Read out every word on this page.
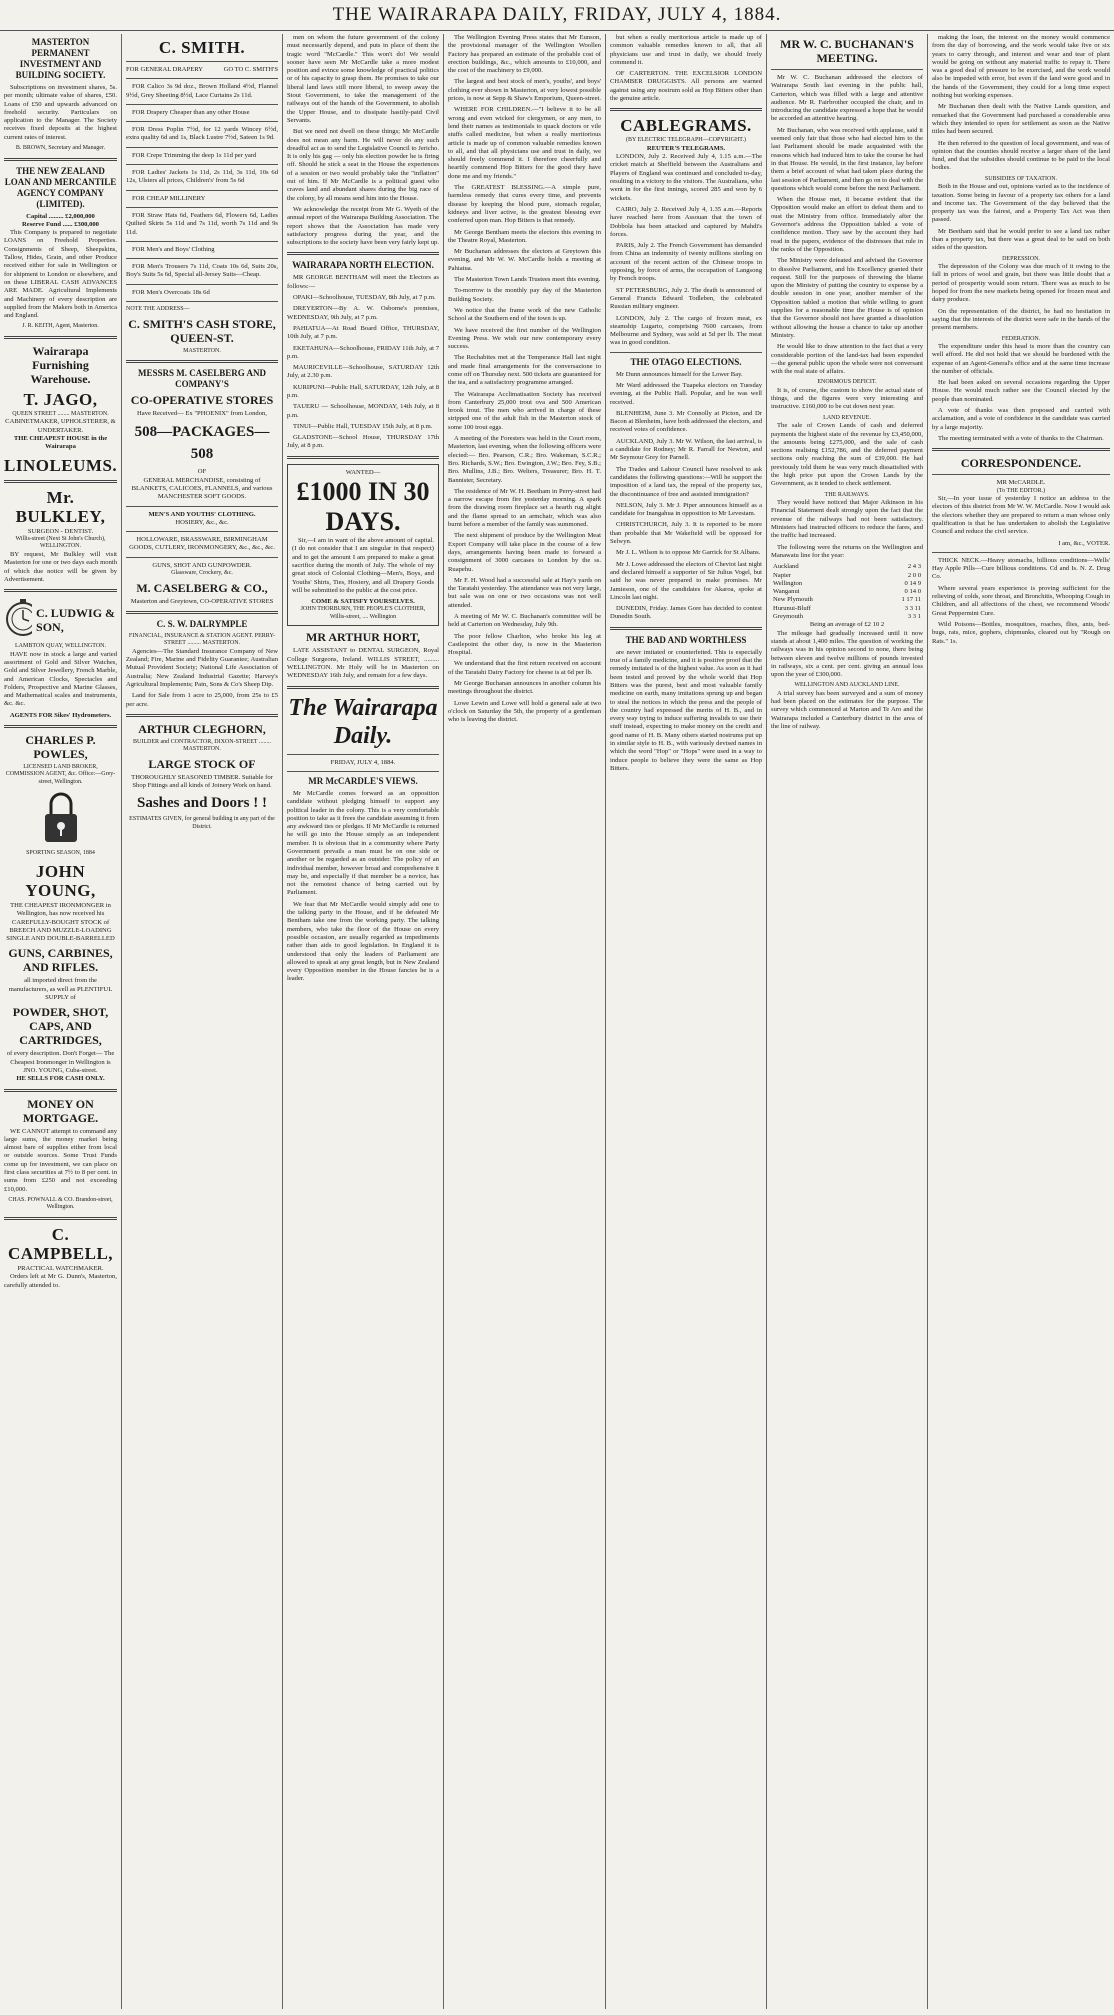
THE WAIRARAPA DAILY, FRIDAY, JULY 4, 1884.
MASTERTON PERMANENT INVESTMENT AND BUILDING SOCIETY.

Subscriptions on investment shares, 5s. per month; ultimate value of shares, £50. Loans of £50 and upwards advanced on freehold security. Particulars on application to the Manager. The Society receives fixed deposits at the highest current rates of interest.

B. BROWN, Secretary and Manager.
THE NEW ZEALAND LOAN AND MERCANTILE AGENCY COMPANY (LIMITED).
Capital ......... £2,000,000
Reserve Fund ...... £300,000

This Company is prepared to negotiate LOANS on Freehold Properties. Consignments of Sheep, Sheepskins, Tallow, Hides, Grain, and other Produce received either for sale in Wellington or for shipment to London or elsewhere, and on these LIBERAL CASH ADVANCES ARE MADE. Agricultural Implements and Machinery of every description are supplied from the Makers both in America and England.

J. R. KEITH, Agent, Masterton.
Wairarapa Furnishing Warehouse.
T. JAGO,
QUEEN STREET ........ MASTERTON.
CABINETMAKER, UPHOLSTERER, & UNDERTAKER.
THE CHEAPEST HOUSE in the Wairarapa
LINOLEUMS.
Mr. BULKLEY,
SURGEON - DENTIST.
Willis-street (Next St John's Church), WELLINGTON.

BY request, Mr Bulkley will visit Masterton for one or two days each month of which due notice will be given by Advertisement.

C. LUDWIG & SON,
LAMBTON QUAY, WELLINGTON.

HAVE now in stock a large and varied assortment of Gold and Silver Watches, Gold and Silver Jewellery, French Marble, and American Clocks, Spectacles and Folders, Prospective and Marine Glasses, and Mathematical scales and instruments, &c. &c.

AGENTS FOR Sikes' Hydrometers.
CHARLES P. POWLES,
LICENSED LAND BROKER, COMMISSION AGENT, &c. Office:—Grey-street, Wellington.
SPORTING SEASON, 1884
JOHN YOUNG,
THE CHEAPEST IRONMONGER in Wellington, has now received his CAREFULLY-BOUGHT STOCK of BREECH AND MUZZLE-LOADING SINGLE AND DOUBLE-BARRELLED
GUNS, CARBINES, AND RIFLES.
all imported direct from the manufacturers, as well as PLENTIFUL SUPPLY of
POWDER, SHOT, CAPS, AND CARTRIDGES,
of every description. Don't Forget— The Cheapest Ironmonger in Wellington is JNO. YOUNG, Cuba-street.
HE SELLS FOR CASH ONLY.
MONEY ON MORTGAGE.

WE CANNOT attempt to command any large sums, the money market being almost bare of supplies either from local or outside sources. Some Trust Funds come up for investment, we can place on first class securities at 7½ to 8 per cent. in sums from £250 and not exceeding £10,000.

CHAS. POWNALL & CO. Brandon-street, Wellington.
C. CAMPBELL,
PRACTICAL WATCHMAKER.

Orders left at Mr G. Dunn's, Masterton, carefully attended to.

C. SMITH.
FOR GENERAL DRAPERY	GO TO C. SMITH'S

FOR Calico 3s 9d doz., Brown Holland 4½d, Flannel 9½d, Grey Sheeting 8½d, Lace Curtains 2s 11d.

FOR Drapery Cheaper than any other House

FOR Dress Poplin 7½d, for 12 yards Wincey 6½d, extra quality 6d and 1s, Black Lustre 7½d, Sateen 1s 9d.

FOR Crepe Trimming the deep 1s 11d per yard

FOR Ladies' Jackets 1s 11d, 2s 11d, 3s 11d, 10s 6d 12s, Ulsters all prices, Children's' from 5s 6d

FOR CHEAP MILLINERY

FOR Straw Hats 6d, Feathers 6d, Flowers 6d, Ladies Quilted Skirts 5s 11d and 7s 11d, worth 7s 11d and 9s 11d.

FOR Men's and Boys' Clothing

FOR Men's Trousers 7s 11d, Coats 10s 6d, Suits 20s, Boy's Suits 5s 6d, Special all-Jersey Suits—Cheap.

FOR Men's Overcoats 18s 6d

NOTE THE ADDRESS—
C. SMITH'S CASH STORE, QUEEN-ST.
MASTERTON.
MESSRS M. CASELBERG AND COMPANY'S
CO-OPERATIVE STORES
Have Received— Ex "PHOENIX" from London,
508—PACKAGES—508
OF
GENERAL MERCHANDISE, consisting of BLANKETS, CALICOES, FLANNELS, and various MANCHESTER SOFT GOODS.
MEN'S AND YOUTHS' CLOTHING.
HOSIERY, &c., &c.
HOLLOWARE, BRASSWARE, BIRMINGHAM GOODS, CUTLERY, IRONMONGERY, &c., &c., &c.
GUNS, SHOT AND GUNPOWDER.
Glassware, Crockery, &c.
M. CASELBERG & CO.,
Masterton and Greytown, CO-OPERATIVE STORES
C. S. W. DALRYMPLE
FINANCIAL, INSURANCE & STATION AGENT. PERRY-STREET ......... MASTERTON.

Agencies—The Standard Insurance Company of New Zealand; Fire, Marine and Fidelity Guarantee; Australian Mutual Provident Society; National Life Association of Australia; New Zealand Industrial Gazette; Harvey's Agricultural Implements; Pain, Sons & Co's Sheep Dip.

Land for Sale from 1 acre to 25,000, from 25s to £5 per acre.

ARTHUR CLEGHORN,
BUILDER and CONTRACTOR, DIXON-STREET ........ MASTERTON.
LARGE STOCK OF
THOROUGHLY SEASONED TIMBER. Suitable for Shop Fittings and all kinds of Joinery Work on hand.
Sashes and Doors ! !
ESTIMATES GIVEN, for general building in any part of the District.

men on whom the future government of the colony must necessarily depend, and puts in place of them the tragic word "McCardle." This won't do! We would sooner have seen Mr McCardle take a more modest position and evince some knowledge of practical politics or of his capacity to grasp them. He promises to take our liberal land laws still more liberal, to sweep away the Stout Government, to take the management of the railways out of the hands of the Government, to abolish the Upper House, and to dissipate hastily-paid Civil Servants.

But we need not dwell on these things; Mr McCardle does not mean any harm. He will never do any such dreadful act as to send the Legislative Council to Jericho. It is only his gag — only his election powder he is firing off. Should he stick a seat in the House the experiences of a session or two would probably take the "inflation" out of him. If Mr McCardle is a political guest who craves land and abundant shares during the big race of the colony, by all means send him into the House.

We acknowledge the receipt from Mr G. Wyeth of the annual report of the Wairarapa Building Association. The report shows that the Association has made very satisfactory progress during the year, and the subscriptions to the society have been very fairly kept up.

WAIRARAPA NORTH ELECTION.

MR GEORGE BENTHAM will meet the Electors as follows:—

OPAKI—Schoolhouse, TUESDAY, 8th July, at 7 p.m.

DREYERTON—By A. W. Osborne's premises, WEDNESDAY, 9th July, at 7 p.m.

PAHIATUA—At Road Board Office, THURSDAY, 10th July, at 7 p.m.

EKETAHUNA—Schoolhouse, FRIDAY 11th July, at 7 p.m.

MAURICEVILLE—Schoolhouse, SATURDAY 12th July, at 2.30 p.m.

KURIPUNI—Public Hall, SATURDAY, 12th July, at 8 p.m.

TAUERU — Schoolhouse, MONDAY, 14th July, at 8 p.m.

TINUI—Public Hall, TUESDAY 15th July, at 8 p.m.

GLADSTONE—School House, THURSDAY 17th July, at 8 p.m.

WANTED—
£1000 IN 30 DAYS.

Sir,—I am in want of the above amount of capital. (I do not consider that I am singular in that respect) and to get the amount I am prepared to make a great sacrifice during the month of July. The whole of my great stock of Colonial Clothing—Men's, Boys, and Youths' Shirts, Ties, Hosiery, and all Drapery Goods will be submitted to the public at the cost price.

COME & SATISFY YOURSELVES.
JOHN THORBURN, THE PEOPLE'S CLOTHIER, Willis-street, .... Wellington
MR ARTHUR HORT,

LATE ASSISTANT to DENTAL SURGEON, Royal College Surgeons, Ireland. WILLIS STREET, ......... WELLINGTON. Mr Holy will be in Masterton on WEDNESDAY 16th July, and remain for a few days.

The Wairarapa Daily.
FRIDAY, JULY 4, 1884.
MR McCARDLE'S VIEWS.

Mr McCardle comes forward as an opposition candidate without pledging himself to support any political leader in the colony. This is a very comfortable position to take as it frees the candidate assuming it from any awkward ties or pledges. If Mr McCardle is returned he will go into the House simply as an independent member. It is obvious that in a community where Party Government prevails a man must be on one side or another or be regarded as an outsider. The policy of an individual member, however broad and comprehensive it may be, and especially if that member be a novice, has not the remotest chance of being carried out by Parliament.

We fear that Mr McCardle would simply add one to the talking party in the House, and if he defeated Mr Bentham take one from the working party. The talking members, who take the floor of the House on every possible occasion, are usually regarded as impediments rather than aids to good legislation. In England it is understood that only the leaders of Parliament are allowed to speak at any great length, but in New Zealand every Opposition member in the House fancies he is a leader.

The Wellington Evening Press states that Mr Eunson, the provisional manager of the Wellington Woollen Factory has prepared an estimate of the probable cost of erection buildings, &c., which amounts to £10,000, and the cost of the machinery to £9,000.

The largest and best stock of men's, youths', and boys' clothing ever shown in Masterton, at very lowest possible prices, is now at Sepp & Shaw's Emporium, Queen-street.

WHERE FOR CHILDREN.—"I believe it to be all wrong and even wicked for clergymen, or any men, to lend their names as testimonials to quack doctors or vile stuffs called medicine, but when a really meritorious article is made up of common valuable remedies known to all, and that all physicians use and trust in daily, we should freely commend it. I therefore cheerfully and heartily commend Hop Bitters for the good they have done me and my friends."

The GREATEST BLESSING.—A simple pure, harmless remedy that cures every time, and prevents disease by keeping the blood pure, stomach regular, kidneys and liver active, is the greatest blessing ever conferred upon man. Hop Bitters is that remedy.

Mr George Bentham meets the electors this evening in the Theatre Royal, Masterton.

Mr Buchanan addresses the electors at Greytown this evening, and Mr W. W. McCardle holds a meeting at Pahiatua.

The Masterton Town Lands Trustees meet this evening.

To-morrow is the monthly pay day of the Masterton Building Society.

We notice that the frame work of the new Catholic School at the Southern end of the town is up.

We have received the first number of the Wellington Evening Press. We wish our new contemporary every success.

The Rechabites met at the Temperance Hall last night and made final arrangements for the conversazione to come off on Thursday next. 500 tickets are guaranteed for the tea, and a satisfactory programme arranged.

The Wairarapa Acclimatisation Society has received from Canterbury 25,000 trout ova and 500 American brook trout. The men who arrived in charge of these stripped one of the adult fish in the Masterton stock of some 100 trout eggs.

A meeting of the Foresters was held in the Court room, Masterton, last evening, when the following officers were elected:— Bro. Pearson, C.R.; Bro. Wakeman, S.C.R.; Bro. Richards, S.W.; Bro. Ewington, J.W.; Bro. Fey, S.B.; Bro. Mullins, J.B.; Bro. Welters, Treasurer; Bro. H. T. Bannister, Secretary.

The residence of Mr W. H. Beetham in Perry-street had a narrow escape from fire yesterday morning. A spark from the drawing room fireplace set a hearth rug alight and the flame spread to an armchair, which was also burnt before a member of the family was summoned.

The next shipment of produce by the Wellington Meat Export Company will take place in the course of a few days, arrangements having been made to forward a consignment of 3000 carcases to London by the ss. Ruapehu.

Mr F. H. Wood had a successful sale at Hay's yards on the Taratahi yesterday. The attendance was not very large, but sale was on one or two occasions was not well attended.

A meeting of Mr W. C. Buchanan's committee will be held at Carterton on Wednesday, July 9th.

The poor fellow Charlton, who broke his leg at Castlepoint the other day, is now in the Masterton Hospital.

We understand that the first return received on account of the Taratahi Dairy Factory for cheese is at 6d per lb.

Mr George Buchanan announces in another column his meetings throughout the district.

Lowe Lewin and Lowe will hold a general sale at two o'clock on Saturday the 5th, the property of a gentleman who is leaving the district.

but when a really meritorious article is made up of common valuable remedies known to all, that all physicians use and trust in daily, we should freely commend it.

OF CARTERTON. THE EXCELSIOR LONDON CHAMBER DRUGGISTS. All persons are warned against using any nostrum sold as Hop Bitters other than the genuine article.

CABLEGRAMS.
(BY ELECTRIC TELEGRAPH—COPYRIGHT.)
REUTER'S TELEGRAMS.

LONDON, July 2. Received July 4, 1.15 a.m.—The cricket match at Sheffield between the Australians and Players of England was continued and concluded to-day, resulting in a victory to the visitors. The Australians, who went in for the first innings, scored 285 and won by 6 wickets.

CAIRO, July 2. Received July 4, 1.35 a.m.—Reports have reached here from Assouan that the town of Dobbola has been attacked and captured by Mahdi's forces.

PARIS, July 2. The French Government has demanded from China an indemnity of twenty millions sterling on account of the recent action of the Chinese troops in opposing, by force of arms, the occupation of Langsong by French troops.

ST PETERSBURG, July 2. The death is announced of General Francis Edward Todleben, the celebrated Russian military engineer.

LONDON, July 2. The cargo of frozen meat, ex steamship Lugarto, comprising 7600 carcases, from Melbourne and Sydney, was sold at 5d per lb. The meat was in good condition.

THE OTAGO ELECTIONS.

Mr Dunn announces himself for the Lower Bay.

Mr Ward addressed the Tuapeka electors on Tuesday evening, at the Public Hall. Popular, and he was well received.

BLENHEIM, June 3. Mr Connolly at Picton, and Dr Bacon at Blenheim, have both addressed the electors, and received votes of confidence.

AUCKLAND, July 3. Mr W. Wilson, the last arrival, is a candidate for Rodney; Mr R. Farrall for Newton, and Mr Seymour Grey for Parnell.

The Trades and Labour Council have resolved to ask candidates the following questions:—Will he support the imposition of a land tax, the repeal of the property tax, the discontinuance of free and assisted immigration?

NELSON, July 3. Mr J. Piper announces himself as a candidate for Inangahua in opposition to Mr Levestam.

CHRISTCHURCH, July 3. It is reported to be more than probable that Mr Wakefield will be opposed for Selwyn.

Mr J. L. Wilson is to oppose Mr Garrick for St Albans.

Mr J. Lowe addressed the electors of Cheviot last night and declared himself a supporter of Sir Julius Vogel, but said he was never prepared to make promises. Mr Jamieson, one of the candidates for Akaroa, spoke at Lincoln last night.

DUNEDIN, Friday. James Gore has decided to contest Dunedin South.

THE BAD AND WORTHLESS

are never imitated or counterfeited. This is especially true of a family medicine, and it is positive proof that the remedy imitated is of the highest value. As soon as it had been tested and proved by the whole world that Hop Bitters was the purest, best and most valuable family medicine on earth, many imitations sprung up and began to steal the notices in which the press and the people of the country had expressed the merits of H. B., and in every way trying to induce suffering invalids to use their stuff instead, expecting to make money on the credit and good name of H. B. Many others started nostrums put up in similar style to H. B., with variously devised names in which the word "Hop" or "Hops" were used in a way to induce people to believe they were the same as Hop Bitters.

MR W. C. BUCHANAN'S MEETING.

Mr W. C. Buchanan addressed the electors of Wairarapa South last evening in the public hall, Carterton, which was filled with a large and attentive audience. Mr R. Fairbrother occupied the chair, and in introducing the candidate expressed a hope that he would be accorded an attentive hearing.

Mr Buchanan, who was received with applause, said it seemed only fair that those who had elected him to the last Parliament should be made acquainted with the reasons which had induced him to take the course he had in that House. He would, in the first instance, lay before them a brief account of what had taken place during the last session of Parliament, and then go on to deal with the questions which would come before the next Parliament.

When the House met, it became evident that the Opposition would make an effort to defeat them and to oust the Ministry from office. Immediately after the Governor's address the Opposition tabled a vote of confidence motion. They saw by the account they had read in the papers, evidence of the distresses that rule in the ranks of the Opposition.

The Ministry were defeated and advised the Governor to dissolve Parliament, and his Excellency granted their request. Still for the purposes of throwing the blame upon the Ministry of putting the country to expense by a double session in one year, another member of the Opposition tabled a motion that while willing to grant supplies for a reasonable time the House is of opinion that the Governor should not have granted a dissolution without allowing the house a chance to take up another Ministry.

He would like to draw attention to the fact that a very considerable portion of the land-tax had been expended—the general public upon the whole were not conversant with the real state of affairs.

ENORMOUS DEFICIT.

It is, of course, the custom to show the actual state of things, and the figures were very interesting and instructive. £160,000 to be cut down next year.

LAND REVENUE.

The sale of Crown Lands of cash and deferred payments the highest state of the revenue by £3,450,000, the amounts being £275,000, and the sale of cash sections realising £152,786, and the deferred payment sections only reaching the sum of £39,000. He had previously told them he was very much dissatisfied with the high price put upon the Crown Lands by the Government, as it tended to check settlement.

THE RAILWAYS.

They would have noticed that Major Atkinson in his Financial Statement dealt strongly upon the fact that the revenue of the railways had not been satisfactory. Ministers had instructed officers to reduce the fares, and the traffic had increased.

The following were the returns on the Wellington and Manawatu line for the year:

Auckland	2 4 3
Napier	2 0 0
Wellington	0 14 9
Wanganui	0 14 0
New Plymouth	1 17 11
Hurunui-Bluff	3 3 11
Greymouth	3 3 1
Being an average of £2 10 2

The mileage had gradually increased until it now stands at about 1,400 miles. The question of working the railways was in his opinion second to none, there being between eleven and twelve millions of pounds invested in railways, six a cent. per cent. giving an annual loss upon the year of £300,000.

WELLINGTON AND AUCKLAND LINE.

A trial survey has been surveyed and a sum of money had been placed on the estimates for the purpose. The survey which commenced at Marton and Te Aro and the Wairarapa included a Canterbury district in the area of the line of railway.

making the loan, the interest on the money would commence from the day of borrowing, and the work would take five or six years to carry through, and interest and wear and tear of plant would be going on without any material traffic to repay it. There was a good deal of pressure to be exercised, and the work would also be impeded with error, but even if the land were good and in the hands of the Government, they could for a long time expect nothing but working expenses.

Mr Buchanan then dealt with the Native Lands question, and remarked that the Government had purchased a considerable area which they intended to open for settlement as soon as the Native titles had been secured.

He then referred to the question of local government, and was of opinion that the counties should receive a larger share of the land fund, and that the subsidies should continue to be paid to the local bodies.

SUBSIDIES OF TAXATION.

Both in the House and out, opinions varied as to the incidence of taxation. Some being in favour of a property tax others for a land and income tax. The Government of the day believed that the property tax was the fairest, and a Property Tax Act was then passed.

Mr Beetham said that he would prefer to see a land tax rather than a property tax, but there was a great deal to be said on both sides of the question.

DEPRESSION.

The depression of the Colony was due much of it owing to the fall in prices of wool and grain, but there was little doubt that a period of prosperity would soon return. There was as much to be hoped for from the new markets being opened for frozen meat and dairy produce.

On the representation of the district, he had no hesitation in saying that the interests of the district were safe in the hands of the present members.

FEDERATION.

The expenditure under this head is more than the country can well afford. He did not hold that we should be burdened with the expense of an Agent-General's office and at the same time increase the number of officials.

He had been asked on several occasions regarding the Upper House. He would much rather see the Council elected by the people than nominated.

A vote of thanks was then proposed and carried with acclamation, and a vote of confidence in the candidate was carried by a large majority.

The meeting terminated with a vote of thanks to the Chairman.

CORRESPONDENCE.
MR McCARDLE.
(To THE EDITOR.)

Sir,—In your issue of yesterday I notice an address to the electors of this district from Mr W. W. McCardle. Now I would ask the electors whether they are prepared to return a man whose only qualification is that he has undertaken to abolish the Legislative Council and reduce the civil service.

I am, &c., VOTER.

THICK NECK.—Heavy stomachs, billious conditions—Wells' Hay Apple Pills—Cure billious conditions. Cd and Is. N. Z. Drug Co.

Where several years experience is proving sufficient for the relieving of colds, sore throat, and Bronchitis, Whooping Cough in Children, and all affections of the chest, we recommend Woods' Great Peppermint Cure.

Wild Poisons—Bottles, mosquitoes, roaches, flies, ants, bed-bugs, rats, mice, gophers, chipmunks, cleared out by "Rough on Rats." 1s.
